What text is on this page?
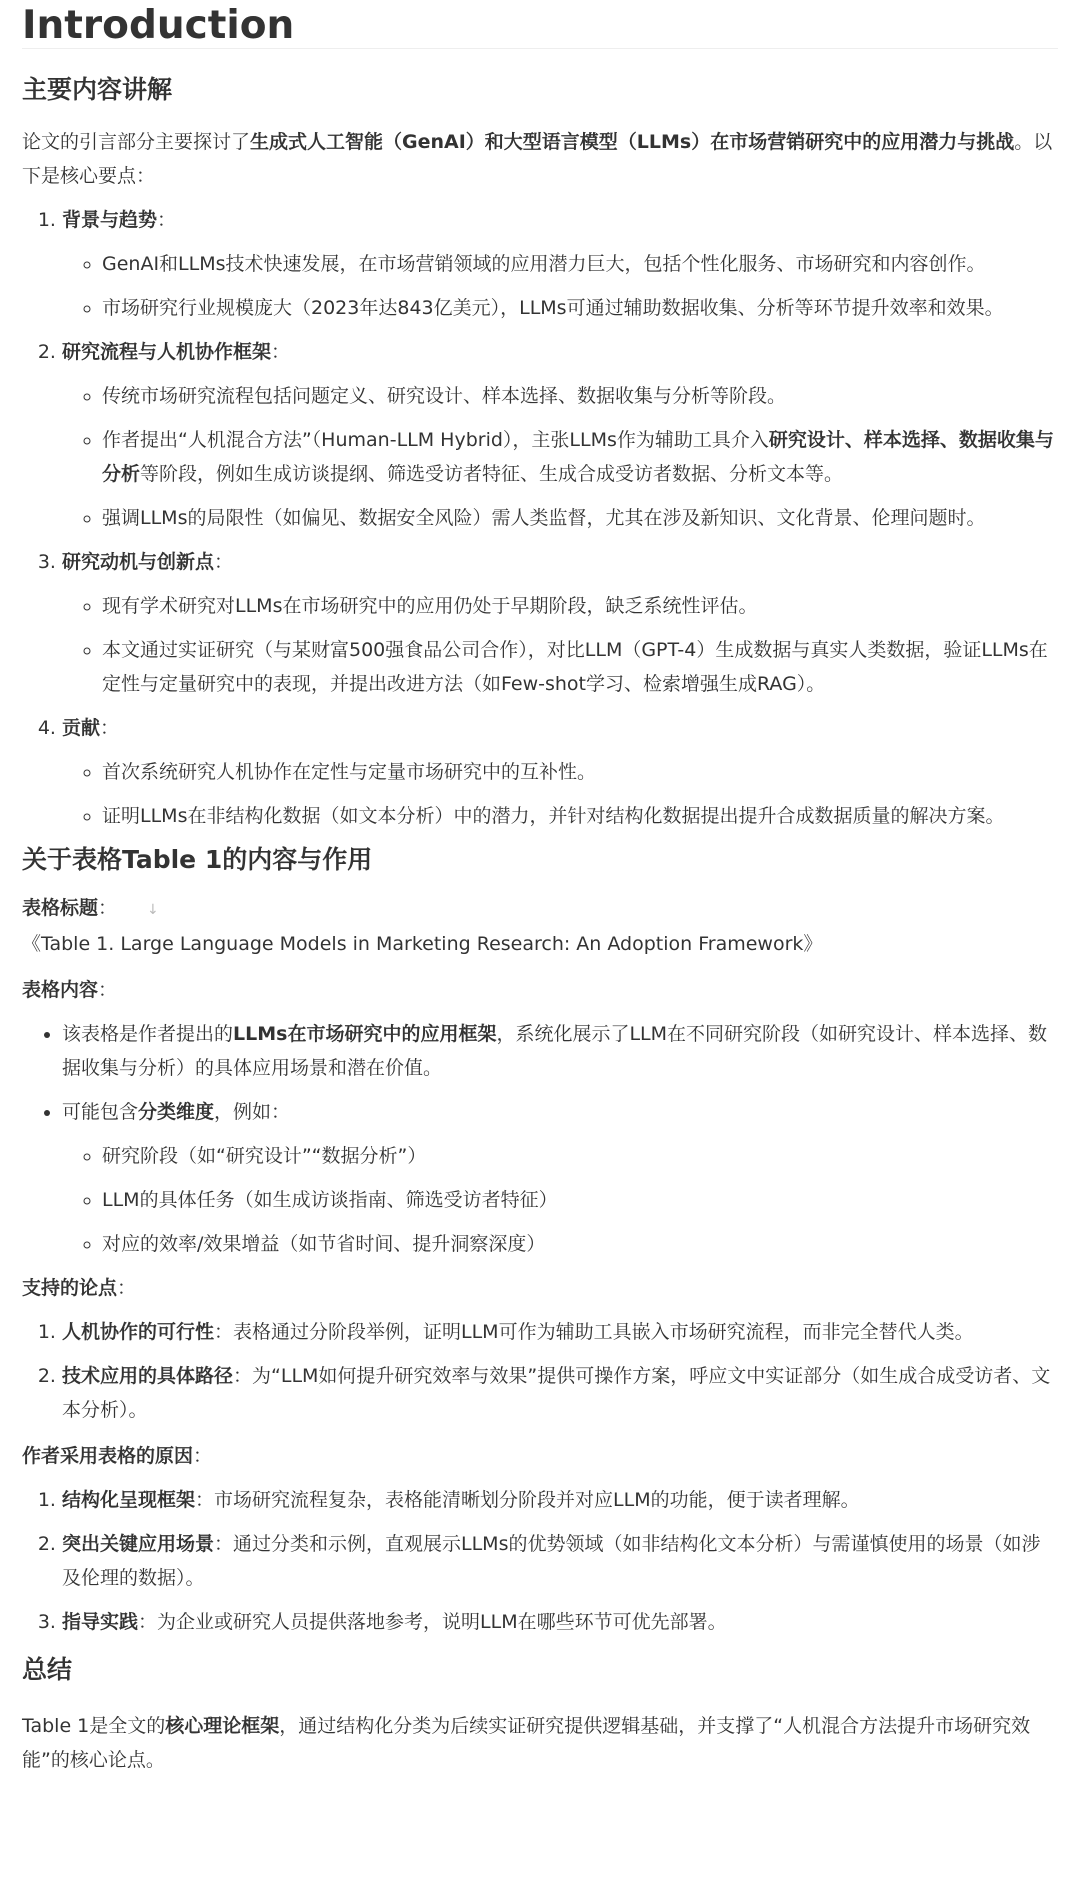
Introduction
主要内容讲解

论文的引言部分主要探讨了生成式人工智能（GenAI）和大型语言模型（LLMs）在市场营销研究中的应用潜力与挑战。以下是核心要点：

1. 背景与趋势：
◦ GenAI和LLMs技术快速发展，在市场营销领域的应用潜力巨大，包括个性化服务、市场研究和内容创作。
◦ 市场研究行业规模庞大（2023年达843亿美元），LLMs可通过辅助数据收集、分析等环节提升效率和效果。
2. 研究流程与人机协作框架：
◦ 传统市场研究流程包括问题定义、研究设计、样本选择、数据收集与分析等阶段。
◦ 作者提出“人机混合方法”（Human-LLM Hybrid），主张LLMs作为辅助工具介入研究设计、样本选择、数据收集与分析等阶段，例如生成访谈提纲、筛选受访者特征、生成合成受访者数据、分析文本等。
◦ 强调LLMs的局限性（如偏见、数据安全风险）需人类监督，尤其在涉及新知识、文化背景、伦理问题时。
3. 研究动机与创新点：
◦ 现有学术研究对LLMs在市场研究中的应用仍处于早期阶段，缺乏系统性评估。
◦ 本文通过实证研究（与某财富500强食品公司合作），对比LLM（GPT-4）生成数据与真实人类数据，验证LLMs在定性与定量研究中的表现，并提出改进方法（如Few-shot学习、检索增强生成RAG）。
4. 贡献：
◦ 首次系统研究人机协作在定性与定量市场研究中的互补性。
◦ 证明LLMs在非结构化数据（如文本分析）中的潜力，并针对结构化数据提出提升合成数据质量的解决方案。
关于表格Table 1的内容与作用

表格标题： ↓

《Table 1. Large Language Models in Marketing Research: An Adoption Framework》

表格内容：

• 该表格是作者提出的LLMs在市场研究中的应用框架，系统化展示了LLM在不同研究阶段（如研究设计、样本选择、数据收集与分析）的具体应用场景和潜在价值。
• 可能包含分类维度，例如：
◦ 研究阶段（如“研究设计”“数据分析”）
◦ LLM的具体任务（如生成访谈指南、筛选受访者特征）
◦ 对应的效率/效果增益（如节省时间、提升洞察深度）

支持的论点：

1. 人机协作的可行性：表格通过分阶段举例，证明LLM可作为辅助工具嵌入市场研究流程，而非完全替代人类。
2. 技术应用的具体路径：为“LLM如何提升研究效率与效果”提供可操作方案，呼应文中实证部分（如生成合成受访者、文本分析）。

作者采用表格的原因：

1. 结构化呈现框架：市场研究流程复杂，表格能清晰划分阶段并对应LLM的功能，便于读者理解。
2. 突出关键应用场景：通过分类和示例，直观展示LLMs的优势领域（如非结构化文本分析）与需谨慎使用的场景（如涉及伦理的数据）。
3. 指导实践：为企业或研究人员提供落地参考，说明LLM在哪些环节可优先部署。
总结

Table 1是全文的核心理论框架，通过结构化分类为后续实证研究提供逻辑基础，并支撑了“人机混合方法提升市场研究效能”的核心论点。
